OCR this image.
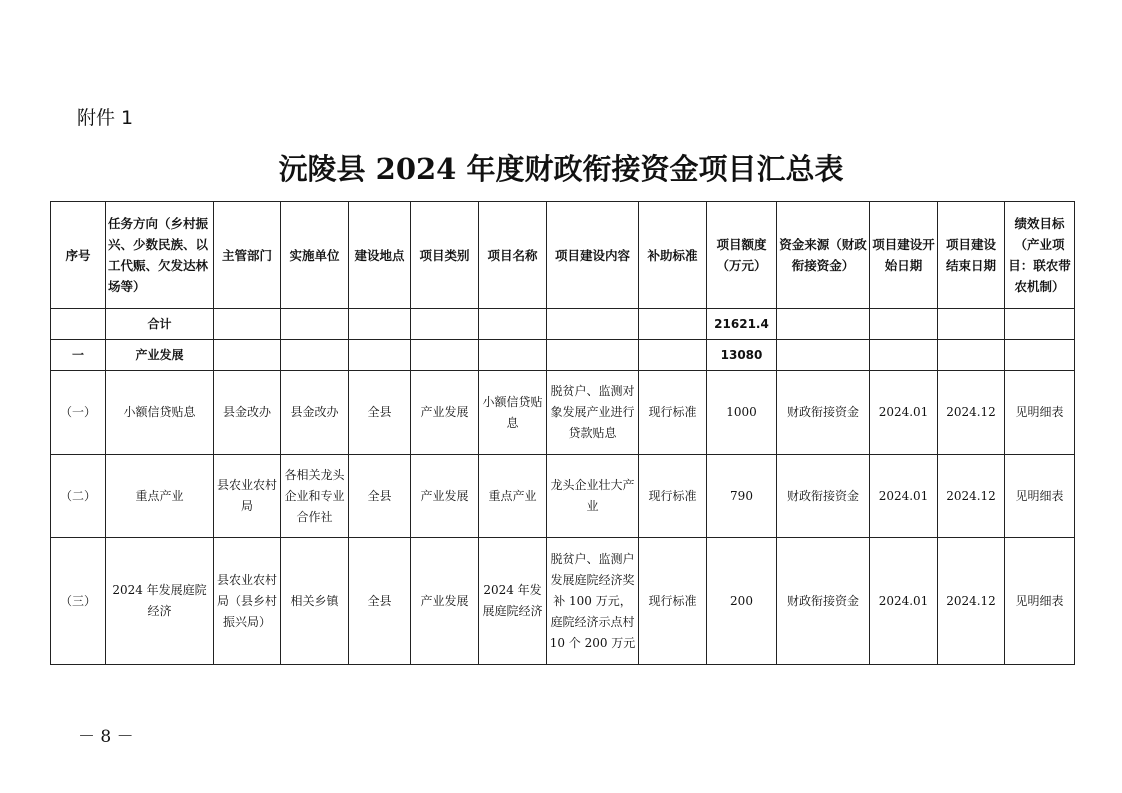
附件 1
沅陵县 2024 年度财政衔接资金项目汇总表
序号	任务方向（乡村振兴、少数民族、以工代赈、欠发达林场等）	主管部门	实施单位	建设地点	项目类别	项目名称	项目建设内容	补助标准	项目额度（万元）	资金来源（财政衔接资金）	项目建设开始日期	项目建设结束日期	绩效目标（产业项目：联农带农机制）
	合计								21621.4				
一	产业发展								13080				
（一）	小额信贷贴息	县金改办	县金改办	全县	产业发展	小额信贷贴息	脱贫户、监测对象发展产业进行贷款贴息	现行标准	1000	财政衔接资金	2024.01	2024.12	见明细表
（二）	重点产业	县农业农村局	各相关龙头企业和专业合作社	全县	产业发展	重点产业	龙头企业壮大产业	现行标准	790	财政衔接资金	2024.01	2024.12	见明细表
（三）	2024 年发展庭院经济	县农业农村局（县乡村振兴局）	相关乡镇	全县	产业发展	2024 年发展庭院经济	脱贫户、监测户发展庭院经济奖补 100 万元，庭院经济示点村 10 个 200 万元	现行标准	200	财政衔接资金	2024.01	2024.12	见明细表
－ 8 －
